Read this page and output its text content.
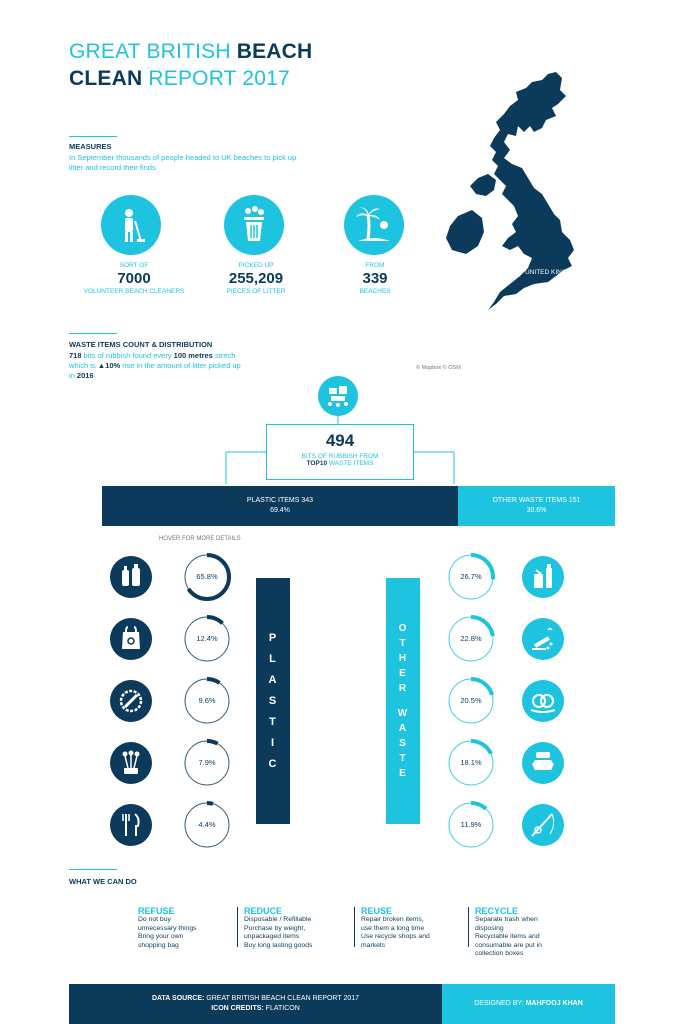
GREAT BRITISH BEACH
CLEAN REPORT 2017
MEASURES
In September thousands of people headed to UK beaches to pick up litter and record their finds
SORT OF
7000
VOLUNTEER BEACH CLEANERS
PICKED UP
255,209
PIECES OF LITTER
FROM
339
BEACHES
UNITED KINGDOM
© Mapbox © OSM
WASTE ITEMS COUNT & DISTRIBUTION
718 bits of rubbish found every 100 metres strech
which is ▲10% rise in the amount of litter picked up
in 2016
494
BITS OF RUBBISH FROM
TOP10 WASTE ITEMS
PLASTIC ITEMS 343
69.4%
OTHER WASTE ITEMS 151
30.6%
HOVER FOR MORE DETAILS
65.8%
12.4%
9.6%
7.9%
4.4%
P
L
A
S
T
I
C
26.7%
22.8%
20.5%
18.1%
11.9%
O
T
H
E
R
W
A
S
T
E
WHAT WE CAN DO
REFUSE
Do not buy
unnecessary things
Bring your own
shopping bag
REDUCE
Disposable / Refillable
Purchase by weight,
unpackaged items
Buy long lasting goods
REUSE
Repair broken items,
use them a long time
Use recycle shops and
markets
RECYCLE
Separate trash when
disposing
Recyclable items and
consumable are put in
collection boxes
DATA SOURCE: GREAT BRITISH BEACH CLEAN REPORT 2017
ICON CREDITS: FLATICON
DESIGNED BY: MAHFOOJ KHAN
